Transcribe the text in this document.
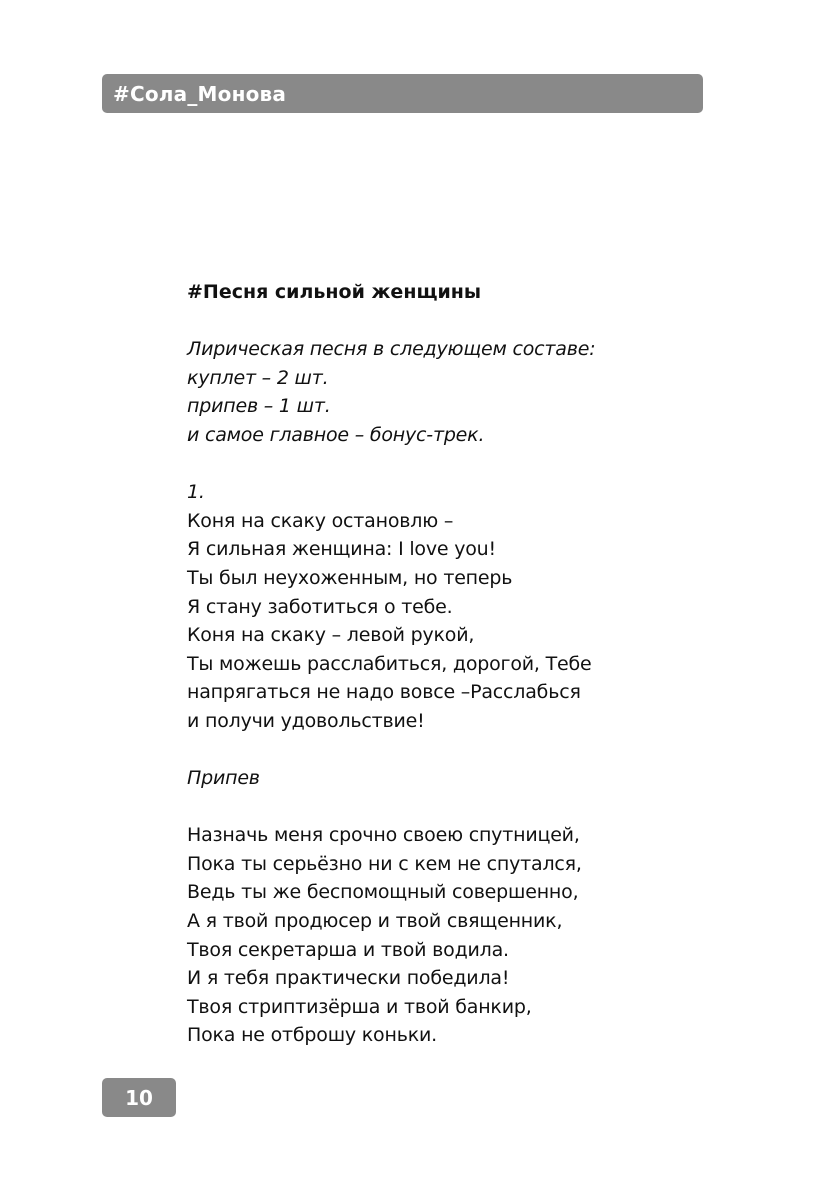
#Сола_Монова
#Песня сильной женщины
Лирическая песня в следующем составе:
куплет – 2 шт.
припев – 1 шт.
и самое главное – бонус-трек.
1.
Коня на скаку остановлю –
Я сильная женщина: I love you!
Ты был неухоженным, но теперь
Я стану заботиться о тебе.
Коня на скаку – левой рукой,
Ты можешь расслабиться, дорогой, Тебе
напрягаться не надо вовсе –Расслабься
и получи удовольствие!
Припев
Назначь меня срочно своею спутницей,
Пока ты серьёзно ни с кем не спутался,
Ведь ты же беспомощный совершенно,
А я твой продюсер и твой священник,
Твоя секретарша и твой водила.
И я тебя практически победила!
Твоя стриптизёрша и твой банкир,
Пока не отброшу коньки.
10
